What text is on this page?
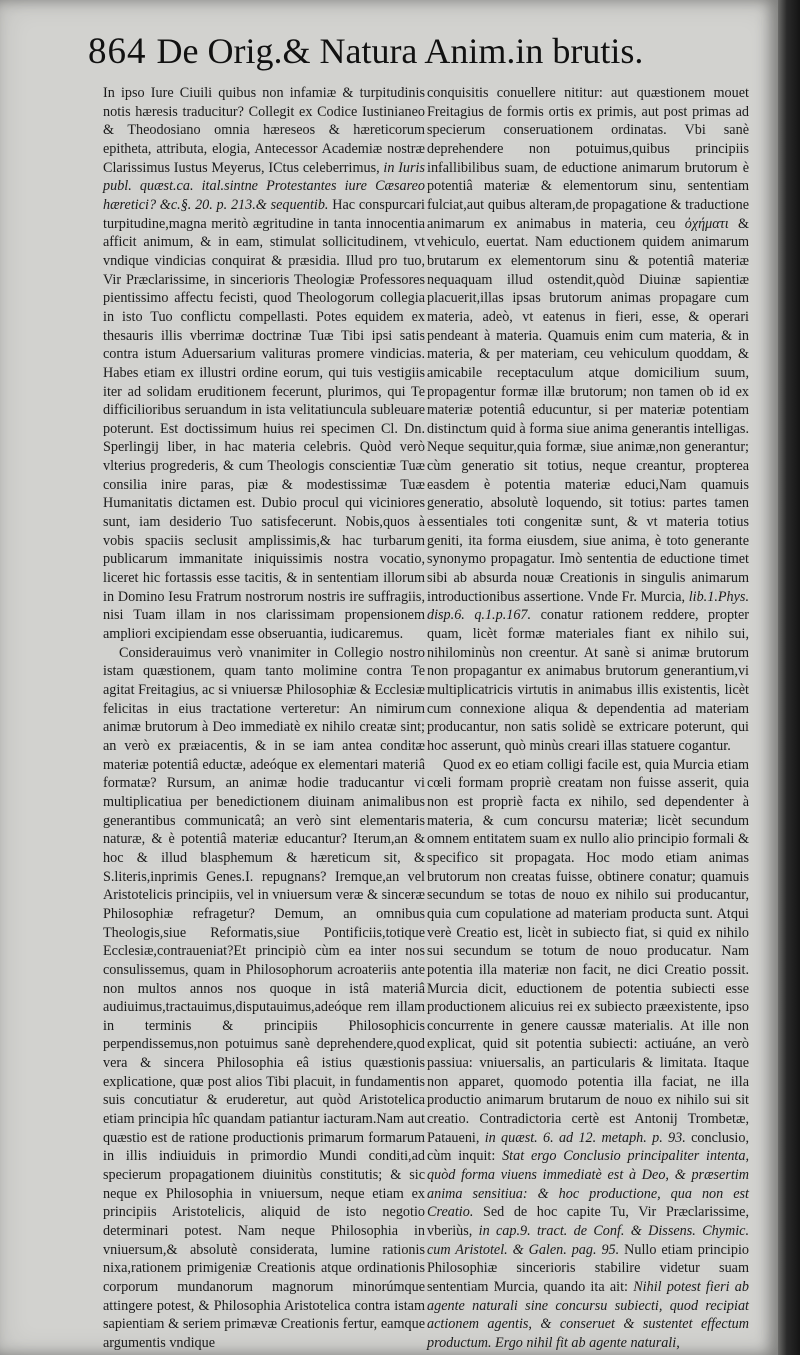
864 De Orig.& Natura Anim.in brutis.

In ipso Iure Ciuili quibus non infamiæ & turpitudinis notis hæresis traducitur? Collegit ex Codice Iustinianeo & Theodosiano omnia hæreseos & hæreticorum epitheta, attributa, elogia, Antecessor Academiæ nostræ Clarissimus Iustus Meyerus, ICtus celeberrimus, in Iuris publ. quæst.ca. ital.sintne Protestantes iure Cæsareo hæretici? &c.§. 20. p. 213.& sequentib. Hac conspurcari turpitudine,magna meritò ægritudine in tanta innocentia afficit animum, & in eam, stimulat sollicitudinem, vt vndique vindicias conquirat & præsidia. Illud pro tuo, Vir Præclarissime, in sincerioris Theologiæ Professores pientissimo affectu fecisti, quod Theologorum collegia in isto Tuo conflictu compellasti. Potes equidem ex thesauris illis vberrimæ doctrinæ Tuæ Tibi ipsi satis contra istum Aduersarium valituras promere vindicias. Habes etiam ex illustri ordine eorum, qui tuis vestigiis iter ad solidam eruditionem fecerunt, plurimos, qui Te difficilioribus seruandum in ista velitatiuncula subleuare poterunt. Est doctissimum huius rei specimen Cl. Dn. Sperlingij liber, in hac materia celebris. Quòd verò vlterius progrederis, & cum Theologis conscientiæ Tuæ consilia inire paras, piæ & modestissimæ Tuæ Humanitatis dictamen est. Dubio procul qui viciniores sunt, iam desiderio Tuo satisfecerunt. Nobis,quos à vobis spaciis seclusit amplissimis,& hac turbarum publicarum immanitate iniquissimis nostra vocatio, liceret hic fortassis esse tacitis, & in sententiam illorum in Domino Iesu Fratrum nostrorum nostris ire suffragiis, nisi Tuam illam in nos clarissimam propensionem ampliori excipiendam esse obseruantia, iudicaremus.

Considerauimus verò vnanimiter in Collegio nostro istam quæstionem, quam tanto molimine contra Te agitat Freitagius, ac si vniuersæ Philosophiæ & Ecclesiæ felicitas in eius tractatione verteretur: An nimirum animæ brutorum à Deo immediatè ex nihilo creatæ sint; an verò ex præiacentis, & in se iam antea conditæ materiæ potentiâ eductæ, adeóque ex elementari materiâ formatæ? Rursum, an animæ hodie traducantur vi multiplicatiua per benedictionem diuinam animalibus generantibus communicatâ; an verò sint elementaris naturæ, & è potentiâ materiæ educantur? Iterum,an & hoc & illud blasphemum & hæreticum sit, & S.literis,inprimis Genes.I. repugnans? Iremque,an vel Aristotelicis principiis, vel in vniuersum veræ & sinceræ Philosophiæ refragetur? Demum, an omnibus Theologis,siue Reformatis,siue Pontificiis,totique Ecclesiæ,contraueniat?Et principiò cùm ea inter nos consulissemus, quam in Philosophorum acroateriis ante non multos annos nos quoque in istâ materiâ audiuimus,tractauimus,disputauimus,adeóque rem illam in terminis & principiis Philosophicis perpendissemus,non potuimus sanè deprehendere,quod vera & sincera Philosophia eâ istius quæstionis explicatione, quæ post alios Tibi placuit, in fundamentis suis concutiatur & eruderetur, aut quòd Aristotelica etiam principia hîc quandam patiantur iacturam.Nam aut quæstio est de ratione productionis primarum formarum in illis indiuiduis in primordio Mundi conditi,ad specierum propagationem diuinitùs constitutis; & sic neque ex Philosophia in vniuersum, neque etiam ex principiis Aristotelicis, aliquid de isto negotio determinari potest. Nam neque Philosophia in vniuersum,& absolutè considerata, lumine rationis nixa,rationem primigeniæ Creationis atque ordinationis corporum mundanorum magnorum minorúmque attingere potest, & Philosophia Aristotelica contra istam sapientiam & seriem primævæ Creationis fertur, eamque argumentis vndique

conquisitis conuellere nititur: aut quæstionem mouet Freitagius de formis ortis ex primis, aut post primas ad specierum conseruationem ordinatas. Vbi sanè deprehendere non potuimus,quibus principiis infallibilibus suam, de eductione animarum brutorum è potentiâ materiæ & elementorum sinu, sententiam fulciat,aut quibus alteram,de propagatione & traductione animarum ex animabus in materia, ceu ὀχήματι & vehiculo, euertat. Nam eductionem quidem animarum brutarum ex elementorum sinu & potentiâ materiæ nequaquam illud ostendit,quòd Diuinæ sapientiæ placuerit,illas ipsas brutorum animas propagare cum materia, adeò, vt eatenus in fieri, esse, & operari pendeant à materia. Quamuis enim cum materia, & in materia, & per materiam, ceu vehiculum quoddam, & amicabile receptaculum atque domicilium suum, propagentur formæ illæ brutorum; non tamen ob id ex materiæ potentiâ educuntur, si per materiæ potentiam distinctum quid à forma siue anima generantis intelligas. Neque sequitur,quia formæ, siue animæ,non generantur; cùm generatio sit totius, neque creantur, propterea easdem è potentia materiæ educi,Nam quamuis generatio, absolutè loquendo, sit totius: partes tamen essentiales toti congenitæ sunt, & vt materia totius geniti, ita forma eiusdem, siue anima, è toto generante synonymo propagatur. Imò sententia de eductione timet sibi ab absurda nouæ Creationis in singulis animarum introductionibus assertione. Vnde Fr. Murcia, lib.1.Phys. disp.6. q.1.p.167. conatur rationem reddere, propter quam, licèt formæ materiales fiant ex nihilo sui, nihilominùs non creentur. At sanè si animæ brutorum non propagantur ex animabus brutorum generantium,vi multiplicatricis virtutis in animabus illis existentis, licèt cum connexione aliqua & dependentia ad materiam producantur, non satis solidè se extricare poterunt, qui hoc asserunt, quò minùs creari illas statuere cogantur.

Quod ex eo etiam colligi facile est, quia Murcia etiam cœli formam propriè creatam non fuisse asserit, quia non est propriè facta ex nihilo, sed dependenter à materia, & cum concursu materiæ; licèt secundum omnem entitatem suam ex nullo alio principio formali & specifico sit propagata. Hoc modo etiam animas brutorum non creatas fuisse, obtinere conatur; quamuis secundum se totas de nouo ex nihilo sui producantur, quia cum copulatione ad materiam producta sunt. Atqui verè Creatio est, licèt in subiecto fiat, si quid ex nihilo sui secundum se totum de nouo producatur. Nam potentia illa materiæ non facit, ne dici Creatio possit. Murcia dicit, eductionem de potentia subiecti esse productionem alicuius rei ex subiecto præexistente, ipso concurrente in genere caussæ materialis. At ille non explicat, quid sit potentia subiecti: actiuáne, an verò passiua: vniuersalis, an particularis & limitata. Itaque non apparet, quomodo potentia illa faciat, ne illa productio animarum brutarum de nouo ex nihilo sui sit creatio. Contradictoria certè est Antonij Trombetæ, Pataueni, in quæst. 6. ad 12. metaph. p. 93. conclusio, cùm inquit: Stat ergo Conclusio principaliter intenta, quòd forma viuens immediatè est à Deo, & præsertim anima sensitiua: & hoc productione, qua non est Creatio. Sed de hoc capite Tu, Vir Præclarissime, vberiùs, in cap.9. tract. de Conf. & Dissens. Chymic. cum Aristotel. & Galen. pag. 95. Nullo etiam principio Philosophiæ sincerioris stabilire videtur suam sententiam Murcia, quando ita ait: Nihil potest fieri ab agente naturali sine concursu subiecti, quod recipiat actionem agentis, & conseruet & sustentet effectum productum. Ergo nihil fit ab agente naturali,
